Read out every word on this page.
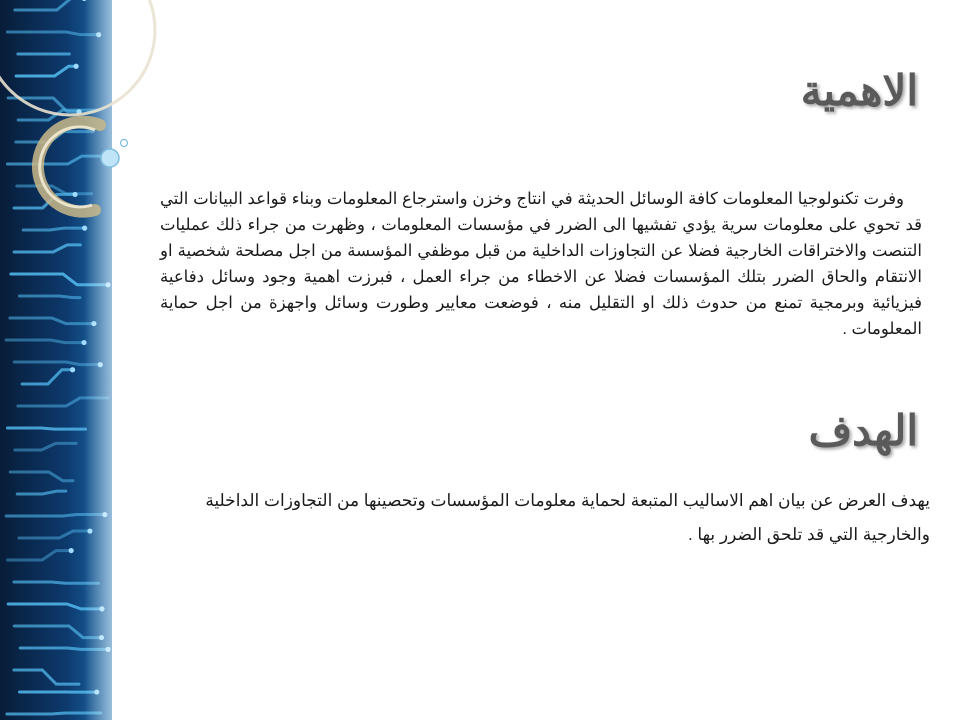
الاهمية

وفرت تكنولوجيا المعلومات كافة الوسائل الحديثة في انتاج وخزن واسترجاع المعلومات وبناء قواعد البيانات التي قد تحوي على معلومات سرية يؤدي تفشيها الى الضرر في مؤسسات المعلومات ، وظهرت من جراء ذلك عمليات التنصت والاختراقات الخارجية فضلا عن التجاوزات الداخلية من قبل موظفي المؤسسة من اجل مصلحة شخصية او الانتقام والحاق الضرر بتلك المؤسسات فضلا عن الاخطاء من جراء العمل ، فبرزت اهمية وجود وسائل دفاعية فيزيائية وبرمجية تمنع من حدوث ذلك او التقليل منه ، فوضعت معايير وطورت وسائل واجهزة من اجل حماية المعلومات .

الهدف

يهدف العرض عن بيان اهم الاساليب المتبعة لحماية معلومات المؤسسات وتحصينها من التجاوزات الداخلية والخارجية التي قد تلحق الضرر بها .
